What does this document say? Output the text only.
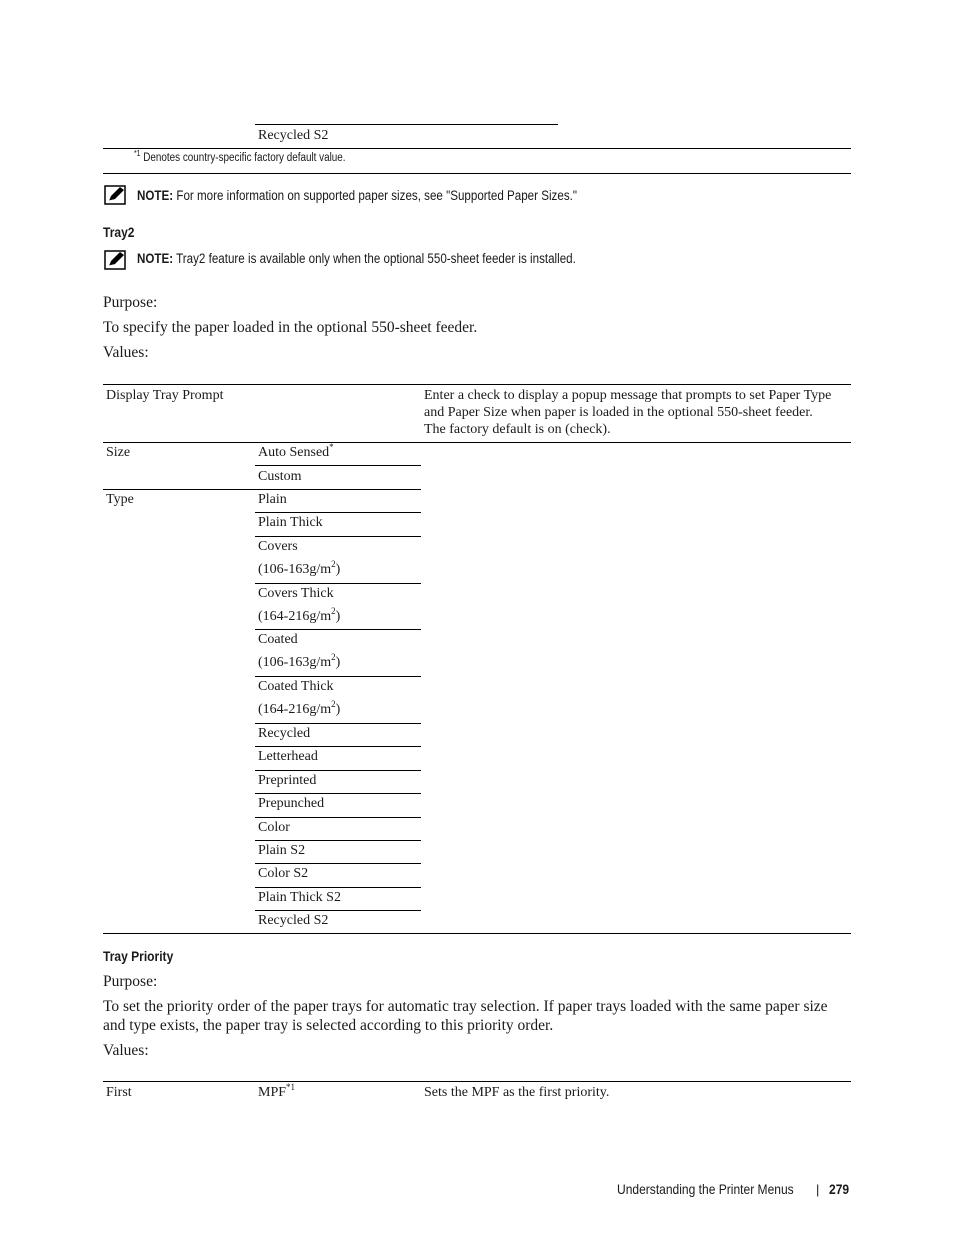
Recycled S2
$^{*1}$ Denotes country-specific factory default value.
NOTE: For more information on supported paper sizes, see "Supported Paper Sizes."
Tray2
NOTE: Tray2 feature is available only when the optional 550-sheet feeder is installed.
Purpose:
To specify the paper loaded in the optional 550-sheet feeder.
Values:
Display Tray Prompt	Enter a check to display a popup message that prompts to set Paper Type
and Paper Size when paper is loaded in the optional 550-sheet feeder.
The factory default is on (check).
Size	Auto Sensed*
Custom
Type	Plain
Plain Thick
Covers
$(106-163g/m^2)$
Covers Thick
$(164-216g/m^2)$
Coated
$(106-163g/m^2)$
Coated Thick
$(164-216g/m^2)$
Recycled
Letterhead
Preprinted
Prepunched
Color
Plain S2
Color S2
Plain Thick S2
Recycled S2
Tray Priority
Purpose:
To set the priority order of the paper trays for automatic tray selection. If paper trays loaded with the same paper size
and type exists, the paper tray is selected according to this priority order.
Values:
First	MPF$^{*1}$	Sets the MPF as the first priority.
Understanding the Printer Menus	| 279
